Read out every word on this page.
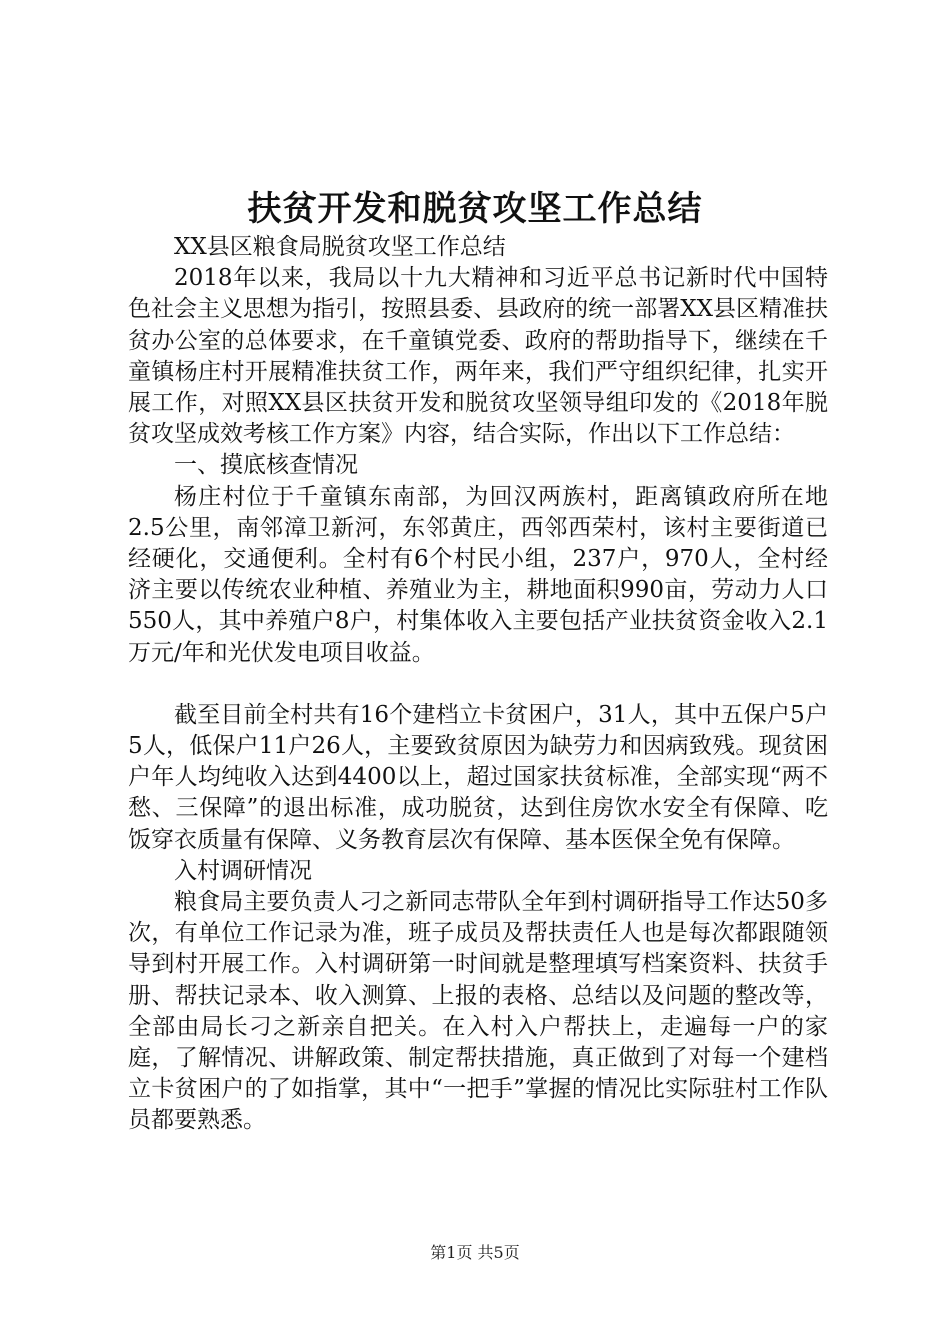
扶贫开发和脱贫攻坚工作总结

XX县区粮食局脱贫攻坚工作总结

2018年以来，我局以十九大精神和习近平总书记新时代中国特色社会主义思想为指引，按照县委、县政府的统一部署XX县区精准扶贫办公室的总体要求，在千童镇党委、政府的帮助指导下，继续在千童镇杨庄村开展精准扶贫工作，两年来，我们严守组织纪律，扎实开展工作，对照XX县区扶贫开发和脱贫攻坚领导组印发的《2018年脱贫攻坚成效考核工作方案》内容，结合实际，作出以下工作总结：

一、摸底核查情况

杨庄村位于千童镇东南部，为回汉两族村，距离镇政府所在地2.5公里，南邻漳卫新河，东邻黄庄，西邻西荣村，该村主要街道已经硬化，交通便利。全村有6个村民小组，237户，970人，全村经济主要以传统农业种植、养殖业为主，耕地面积990亩，劳动力人口550人，其中养殖户8户，村集体收入主要包括产业扶贫资金收入2.1万元/年和光伏发电项目收益。

截至目前全村共有16个建档立卡贫困户，31人，其中五保户5户5人，低保户11户26人，主要致贫原因为缺劳力和因病致残。现贫困户年人均纯收入达到4400以上，超过国家扶贫标准，全部实现“两不愁、三保障”的退出标准，成功脱贫，达到住房饮水安全有保障、吃饭穿衣质量有保障、义务教育层次有保障、基本医保全免有保障。

入村调研情况

粮食局主要负责人刁之新同志带队全年到村调研指导工作达50多次，有单位工作记录为准，班子成员及帮扶责任人也是每次都跟随领导到村开展工作。入村调研第一时间就是整理填写档案资料、扶贫手册、帮扶记录本、收入测算、上报的表格、总结以及问题的整改等，全部由局长刁之新亲自把关。在入村入户帮扶上，走遍每一户的家庭，了解情况、讲解政策、制定帮扶措施，真正做到了对每一个建档立卡贫困户的了如指掌，其中“一把手”掌握的情况比实际驻村工作队员都要熟悉。

第1页 共5页
